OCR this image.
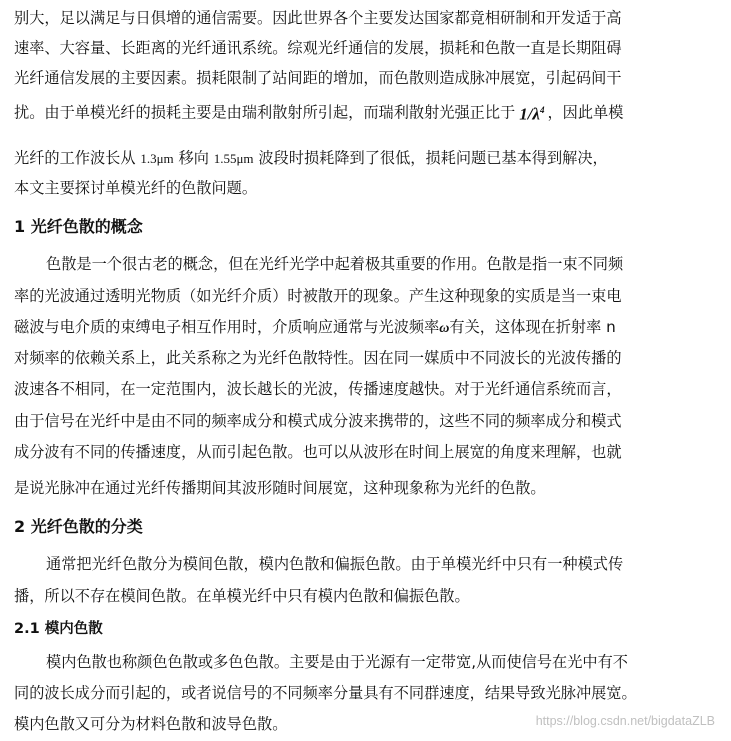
别大，足以满足与日俱增的通信需要。因此世界各个主要发达国家都竟相研制和开发适于高
速率、大容量、长距离的光纤通讯系统。综观光纤通信的发展，损耗和色散一直是长期阻碍
光纤通信发展的主要因素。损耗限制了站间距的增加，而色散则造成脉冲展宽，引起码间干
扰。由于单模光纤的损耗主要是由瑞利散射所引起，而瑞利散射光强正比于 $1/\lambda^4$ ，因此单模
光纤的工作波长从 1.3μm 移向 1.55μm 波段时损耗降到了很低，损耗问题已基本得到解决，
本文主要探讨单模光纤的色散问题。
1 光纤色散的概念
色散是一个很古老的概念，但在光纤光学中起着极其重要的作用。色散是指一束不同频
率的光波通过透明光物质（如光纤介质）时被散开的现象。产生这种现象的实质是当一束电
磁波与电介质的束缚电子相互作用时，介质响应通常与光波频率ω有关，这体现在折射率 n
对频率的依赖关系上，此关系称之为光纤色散特性。因在同一媒质中不同波长的光波传播的
波速各不相同，在一定范围内，波长越长的光波，传播速度越快。对于光纤通信系统而言，
由于信号在光纤中是由不同的频率成分和模式成分波来携带的，这些不同的频率成分和模式
成分波有不同的传播速度，从而引起色散。也可以从波形在时间上展宽的角度来理解，也就
是说光脉冲在通过光纤传播期间其波形随时间展宽，这种现象称为光纤的色散。
2 光纤色散的分类
通常把光纤色散分为模间色散，模内色散和偏振色散。由于单模光纤中只有一种模式传
播，所以不存在模间色散。在单模光纤中只有模内色散和偏振色散。
2.1 模内色散
模内色散也称颜色色散或多色色散。主要是由于光源有一定带宽,从而使信号在光中有不
同的波长成分而引起的，或者说信号的不同频率分量具有不同群速度，结果导致光脉冲展宽。
模内色散又可分为材料色散和波导色散。	https://blog.csdn.net/bigdataZLB
